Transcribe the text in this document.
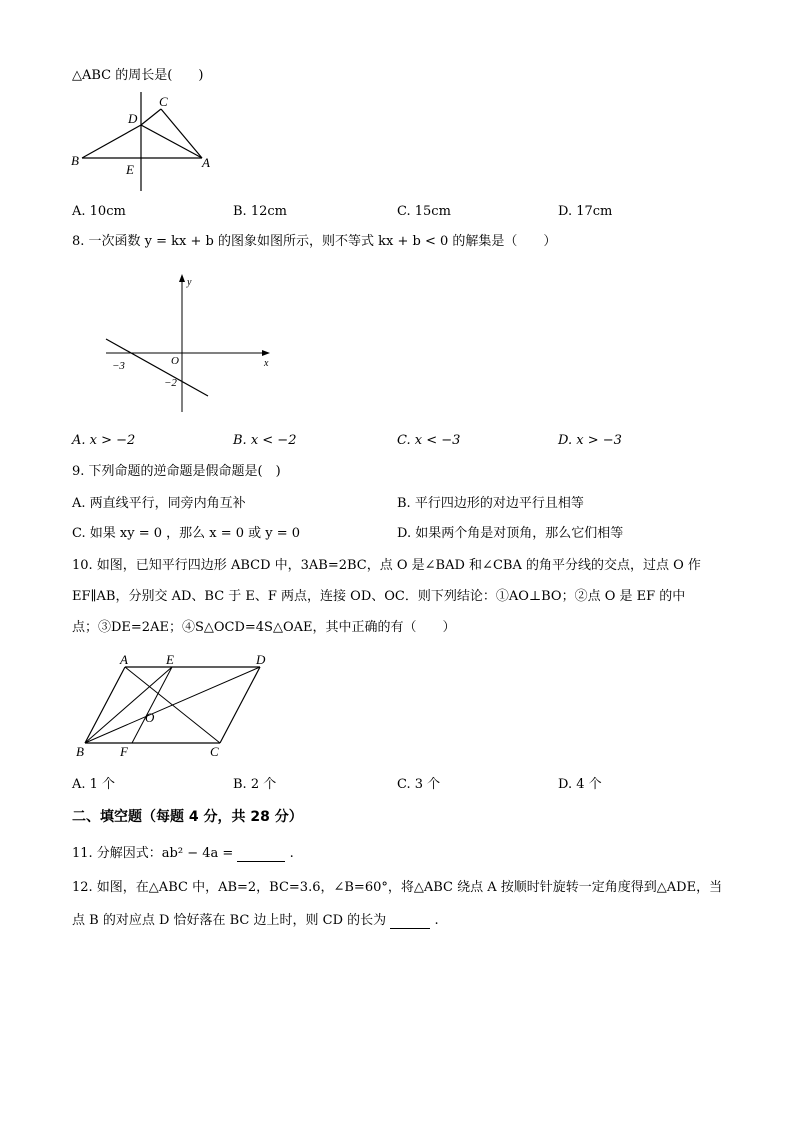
△ABC 的周长是(　　)
C
D
B	A
E
A. 10cm	B. 12cm	C. 15cm	D. 17cm
8. 一次函数 y = kx + b 的图象如图所示，则不等式 kx + b < 0 的解集是（　　）
y
x
O
−3
−2
A. x > −2	B. x < −2	C. x < −3	D. x > −3
9. 下列命题的逆命题是假命题是(　)
A. 两直线平行，同旁内角互补	B. 平行四边形的对边平行且相等
C. 如果 xy = 0 ，那么 x = 0 或 y = 0	D. 如果两个角是对顶角，那么它们相等
10. 如图，已知平行四边形 ABCD 中，3AB=2BC，点 O 是∠BAD 和∠CBA 的角平分线的交点，过点 O 作
EF∥AB，分别交 AD、BC 于 E、F 两点，连接 OD、OC．则下列结论：①AO⊥BO；②点 O 是 EF 的中
点；③DE=2AE；④S△OCD=4S△OAE，其中正确的有（　　）
A	E	D
O
B	F	C
A. 1 个	B. 2 个	C. 3 个	D. 4 个
二、填空题（每题 4 分，共 28 分）
11. 分解因式：ab² − 4a =	.
12. 如图，在△ABC 中，AB=2，BC=3.6，∠B=60°，将△ABC 绕点 A 按顺时针旋转一定角度得到△ADE，当
点 B 的对应点 D 恰好落在 BC 边上时，则 CD 的长为	.
